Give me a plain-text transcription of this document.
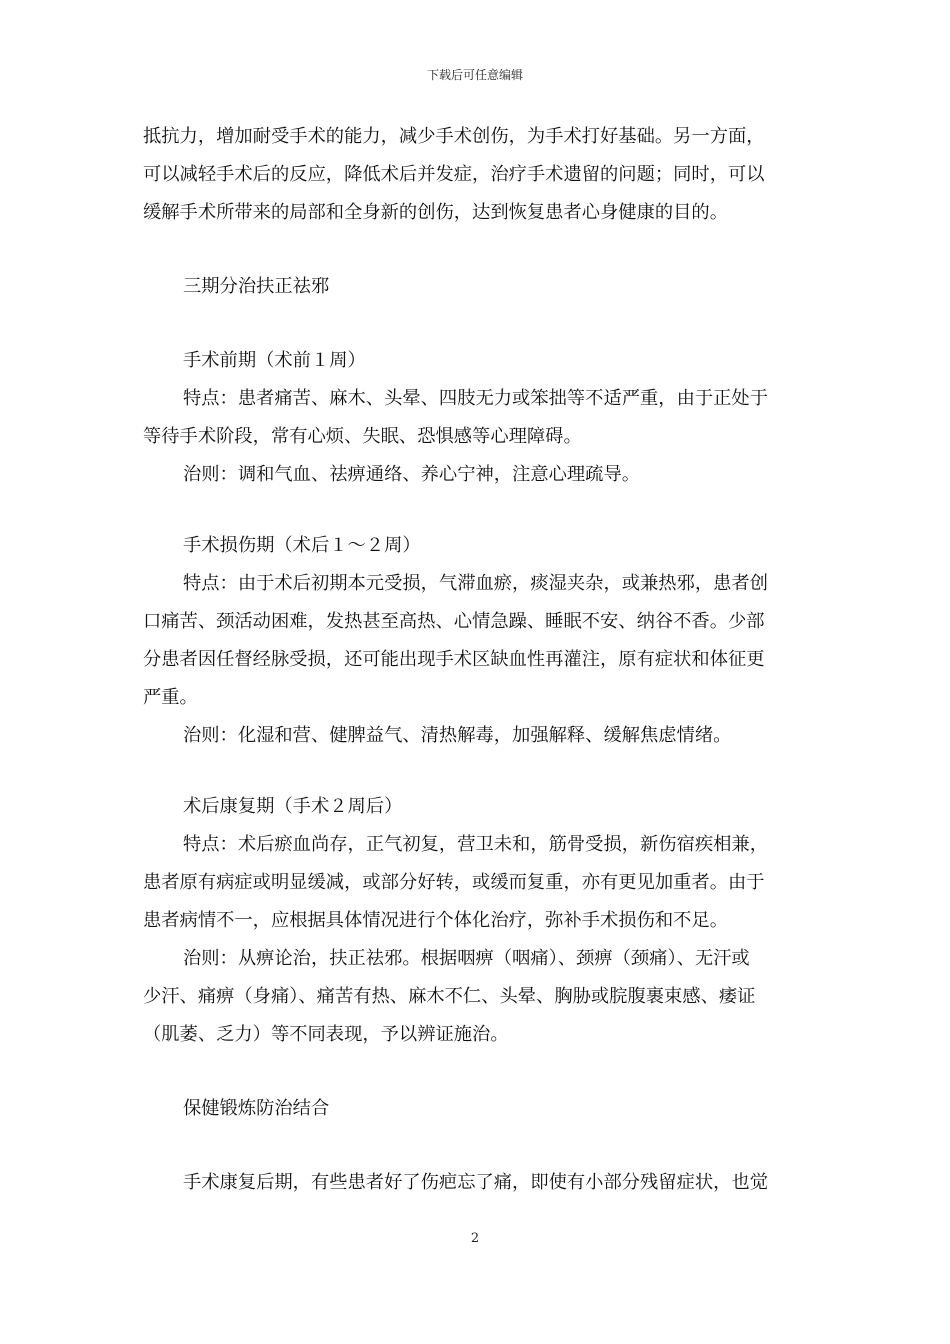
下载后可任意编辑
抵抗力，增加耐受手术的能力，减少手术创伤，为手术打好基础。另一方面，
可以减轻手术后的反应，降低术后并发症，治疗手术遗留的问题；同时，可以
缓解手术所带来的局部和全身新的创伤，达到恢复患者心身健康的目的。
三期分治扶正祛邪
手术前期（术前１周）
特点：患者痛苦、麻木、头晕、四肢无力或笨拙等不适严重，由于正处于
等待手术阶段，常有心烦、失眠、恐惧感等心理障碍。
治则：调和气血、祛痹通络、养心宁神，注意心理疏导。
手术损伤期（术后１～２周）
特点：由于术后初期本元受损，气滞血瘀，痰湿夹杂，或兼热邪，患者创
口痛苦、颈活动困难，发热甚至高热、心情急躁、睡眠不安、纳谷不香。少部
分患者因任督经脉受损，还可能出现手术区缺血性再灌注，原有症状和体征更
严重。
治则：化湿和营、健脾益气、清热解毒，加强解释、缓解焦虑情绪。
术后康复期（手术２周后）
特点：术后瘀血尚存，正气初复，营卫未和，筋骨受损，新伤宿疾相兼，
患者原有病症或明显缓减，或部分好转，或缓而复重，亦有更见加重者。由于
患者病情不一，应根据具体情况进行个体化治疗，弥补手术损伤和不足。
治则：从痹论治，扶正祛邪。根据咽痹（咽痛）、颈痹（颈痛）、无汗或
少汗、痛痹（身痛）、痛苦有热、麻木不仁、头晕、胸胁或脘腹裹束感、痿证
（肌萎、乏力）等不同表现，予以辨证施治。
保健锻炼防治结合
手术康复后期，有些患者好了伤疤忘了痛，即使有小部分残留症状，也觉
2
